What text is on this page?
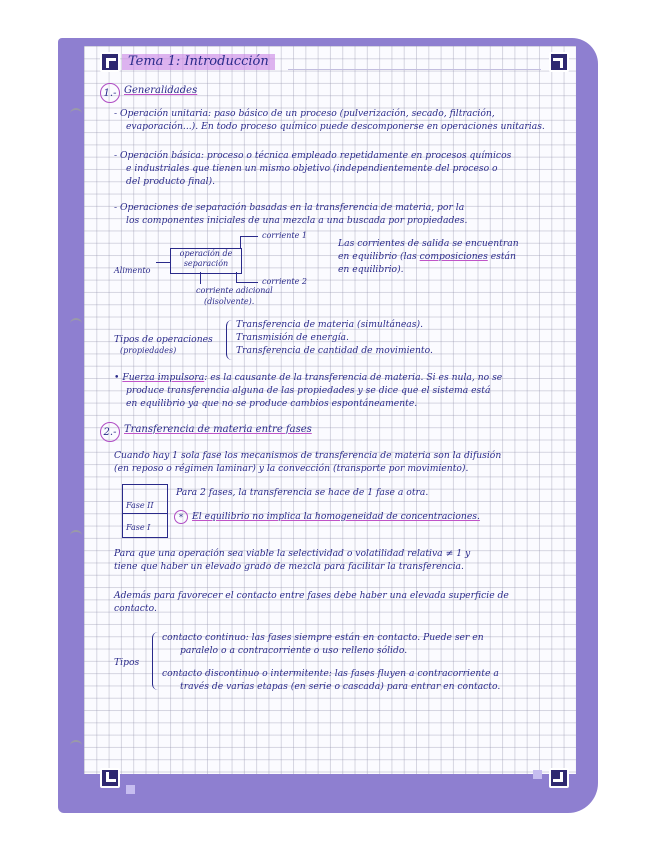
Tema 1: Introducción
1.- Generalidades
- Operación unitaria: paso básico de un proceso (pulverización, secado, filtración,
evaporación...). En todo proceso químico puede descomponerse en operaciones unitarias.
- Operación básica: proceso o técnica empleado repetidamente en procesos químicos
e industriales que tienen un mismo objetivo (independientemente del proceso o
del producto final).
- Operaciones de separación basadas en la transferencia de materia, por la
los componentes iniciales de una mezcla a una buscada por propiedades.
operación de
separación
corriente 1
corriente 2
Alimento
corriente adicional
(disolvente).
Las corrientes de salida se encuentran
en equilibrio (las composiciones están
en equilibrio).
Tipos de operaciones
(propiedades)
Transferencia de materia (simultáneas).
Transmisión de energía.
Transferencia de cantidad de movimiento.
• Fuerza impulsora: es la causante de la transferencia de materia. Si es nula, no se
produce transferencia alguna de las propiedades y se dice que el sistema está
en equilibrio ya que no se produce cambios espontáneamente.
2.- Transferencia de materia entre fases
Cuando hay 1 sola fase los mecanismos de transferencia de materia son la difusión
(en reposo o régimen laminar) y la convección (transporte por movimiento).
Fase II
Fase I
Para 2 fases, la transferencia se hace de 1 fase a otra.
* El equilibrio no implica la homogeneidad de concentraciones.
Para que una operación sea viable la selectividad o volatilidad relativa ≠ 1 y
tiene que haber un elevado grado de mezcla para facilitar la transferencia.
Además para favorecer el contacto entre fases debe haber una elevada superficie de
contacto.
Tipos
contacto continuo: las fases siempre están en contacto. Puede ser en
paralelo o a contracorriente o uso relleno sólido.
contacto discontinuo o intermitente: las fases fluyen a contracorriente a
través de varias etapas (en serie o cascada) para entrar en contacto.
